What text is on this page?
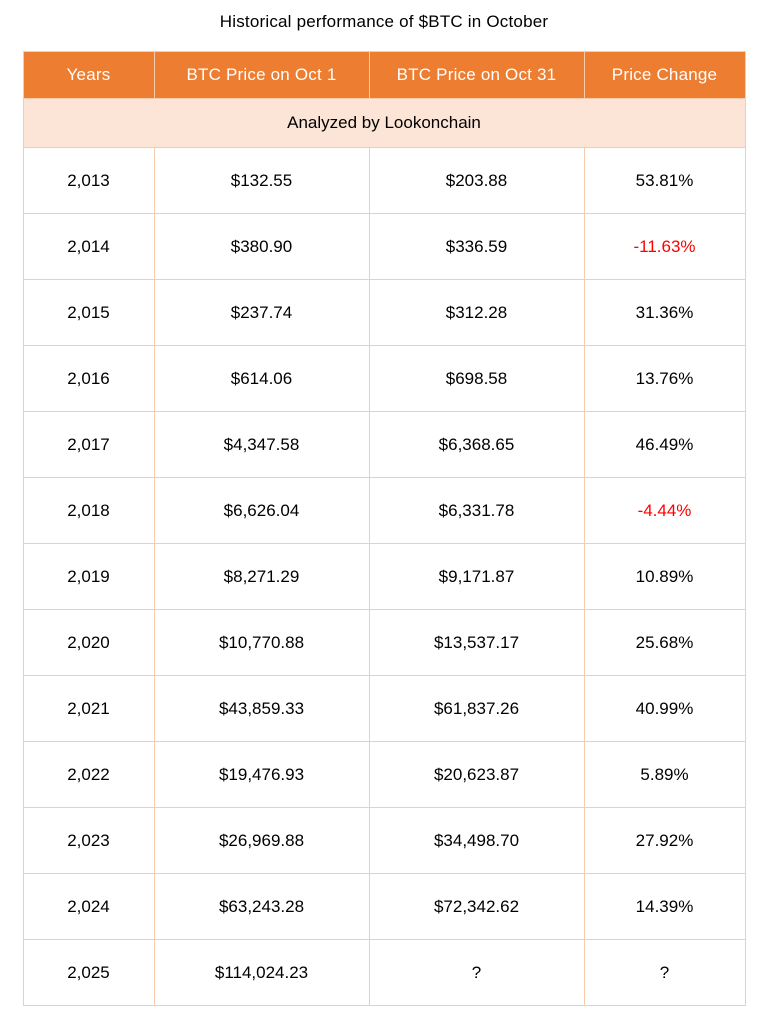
Historical performance of $BTC in October
Years	BTC Price on Oct 1	BTC Price on Oct 31	Price Change
Analyzed by Lookonchain			
2,013	$132.55	$203.88	53.81%
2,014	$380.90	$336.59	-11.63%
2,015	$237.74	$312.28	31.36%
2,016	$614.06	$698.58	13.76%
2,017	$4,347.58	$6,368.65	46.49%
2,018	$6,626.04	$6,331.78	-4.44%
2,019	$8,271.29	$9,171.87	10.89%
2,020	$10,770.88	$13,537.17	25.68%
2,021	$43,859.33	$61,837.26	40.99%
2,022	$19,476.93	$20,623.87	5.89%
2,023	$26,969.88	$34,498.70	27.92%
2,024	$63,243.28	$72,342.62	14.39%
2,025	$114,024.23	?	?
